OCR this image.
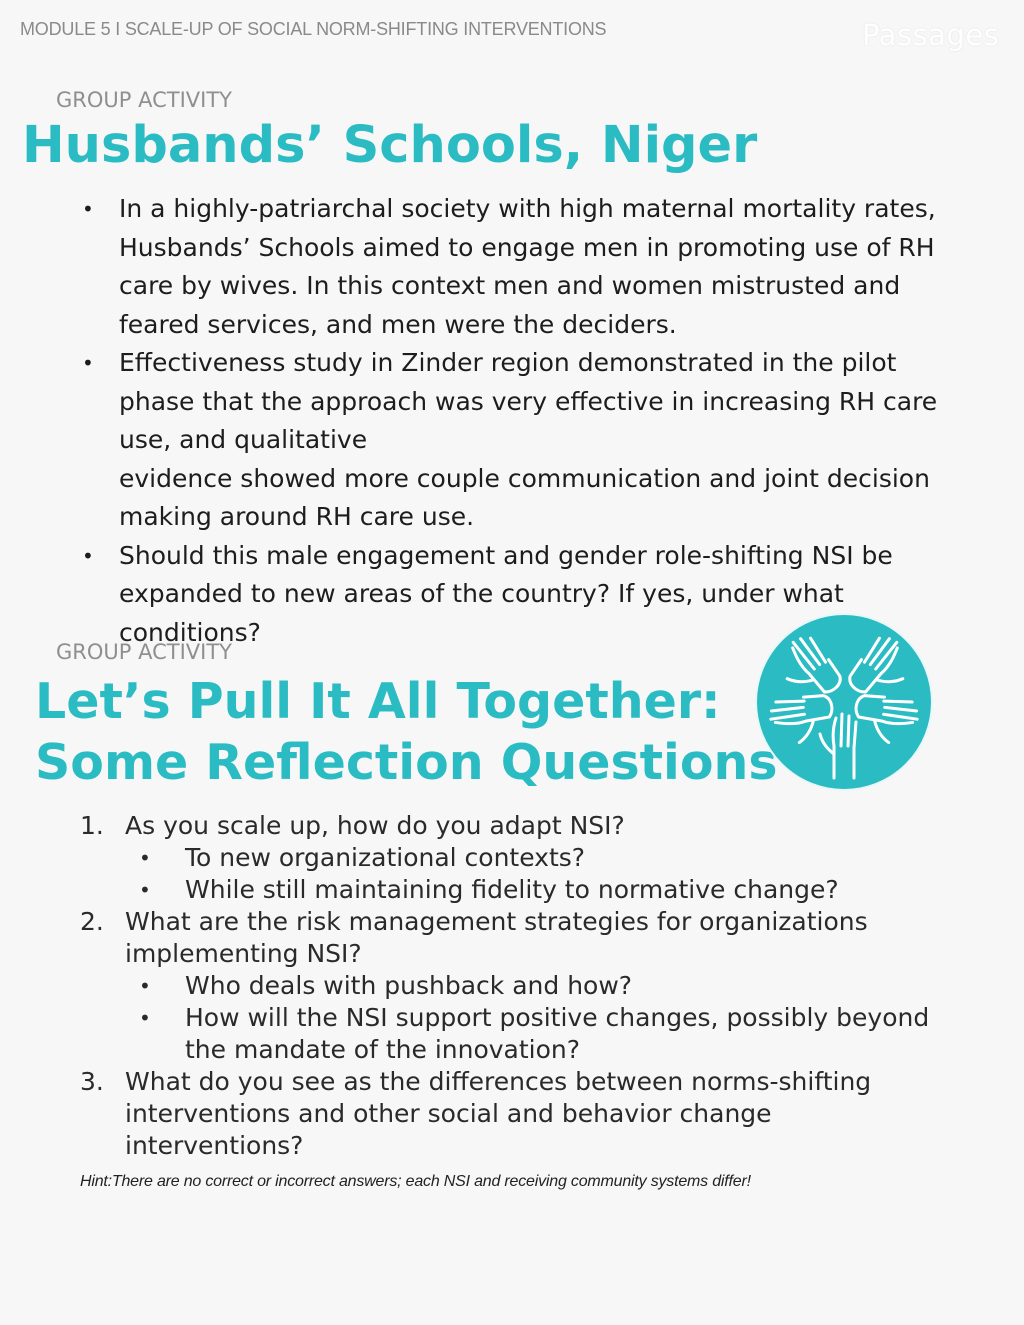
MODULE 5 I SCALE-UP OF SOCIAL NORM-SHIFTING INTERVENTIONS	Passages
GROUP ACTIVITY
Husbands’ Schools, Niger
• In a highly-patriarchal society with high maternal mortality rates,
Husbands’ Schools aimed to engage men in promoting use of RH
care by wives. In this context men and women mistrusted and
feared services, and men were the deciders.
• Effectiveness study in Zinder region demonstrated in the pilot
phase that the approach was very effective in increasing RH care
use, and qualitative
evidence showed more couple communication and joint decision
making around RH care use.
• Should this male engagement and gender role-shifting NSI be
expanded to new areas of the country? If yes, under what
conditions?
GROUP ACTIVITY
Let’s Pull It All Together:
Some Reflection Questions
1. As you scale up, how do you adapt NSI?
• To new organizational contexts?
• While still maintaining fidelity to normative change?
2. What are the risk management strategies for organizations
implementing NSI?
• Who deals with pushback and how?
• How will the NSI support positive changes, possibly beyond
the mandate of the innovation?
3. What do you see as the differences between norms-shifting
interventions and other social and behavior change
interventions?
Hint:There are no correct or incorrect answers; each NSI and receiving community systems differ!
